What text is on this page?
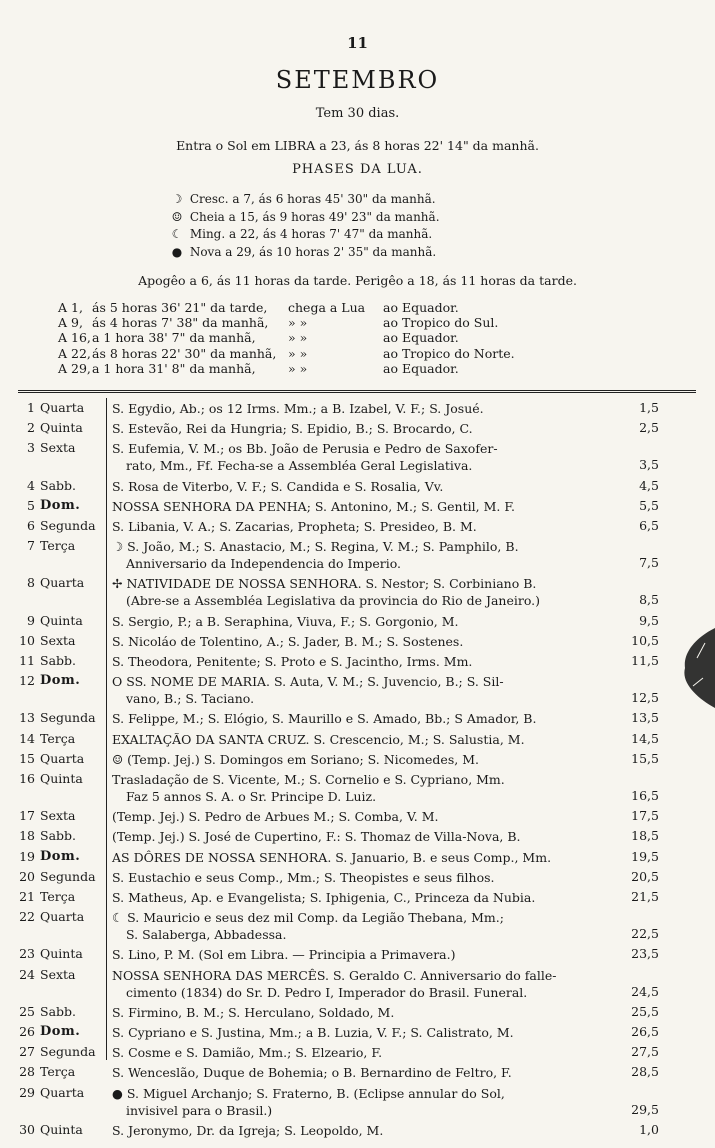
11
SETEMBRO
Tem 30 dias.
Entra o Sol em LIBRA a 23, ás 8 horas 22' 14" da manhã.
PHASES DA LUA.
☽ Cresc. a 7, ás 6 horas 45' 30" da manhã.
☺ Cheia a 15, ás 9 horas 49' 23" da manhã.
☾ Ming. a 22, ás 4 horas 7' 47" da manhã.
● Nova a 29, ás 10 horas 2' 35" da manhã.
Apogêo a 6, ás 11 horas da tarde. Perigêo a 18, ás 11 horas da tarde.
A 1, ás 5 horas 36' 21" da tarde, chega a Lua ao Equador.
A 9, ás 4 horas 7' 38" da manhã, » »	ao Tropico do Sul.
A 16, a 1 hora 38' 7" da manhã,	» »	ao Equador.
A 22, ás 8 horas 22' 30" da manhã, » »	ao Tropico do Norte.
A 29, a 1 hora 31' 8" da manhã,	» »	ao Equador.
1 Quarta	S. Egydio, Ab.; os 12 Irms. Mm.; a B. Izabel, V. F.; S. Josué.	1,5
2 Quinta	S. Estevão, Rei da Hungria; S. Epidio, B.; S. Brocardo, C.	2,5
3 Sexta	S. Eufemia, V. M.; os Bb. João de Perusia e Pedro de Saxofer-
rato, Mm., Ff. Fecha-se a Assembléa Geral Legislativa.	3,5
4 Sabb.	S. Rosa de Viterbo, V. F.; S. Candida e S. Rosalia, Vv.	4,5
5 Dom.	NOSSA SENHORA DA PENHA; S. Antonino, M.; S. Gentil, M. F.	5,5
6 Segunda	S. Libania, V. A.; S. Zacarias, Propheta; S. Presideo, B. M.	6,5
7 Terça	☽ S. João, M.; S. Anastacio, M.; S. Regina, V. M.; S. Pamphilo, B.
Anniversario da Independencia do Imperio.	7,5
8 Quarta	✢ NATIVIDADE DE NOSSA SENHORA. S. Nestor; S. Corbiniano B.
(Abre-se a Assembléa Legislativa da provincia do Rio de Janeiro.)	8,5
9 Quinta	S. Sergio, P.; a B. Seraphina, Viuva, F.; S. Gorgonio, M.	9,5
10 Sexta	S. Nicoláo de Tolentino, A.; S. Jader, B. M.; S. Sostenes.	10,5
11 Sabb.	S. Theodora, Penitente; S. Proto e S. Jacintho, Irms. Mm.	11,5
12 Dom.	O SS. NOME DE MARIA. S. Auta, V. M.; S. Juvencio, B.; S. Sil-
vano, B.; S. Taciano.	12,5
13 Segunda	S. Felippe, M.; S. Elógio, S. Maurillo e S. Amado, Bb.; S Amador, B.	13,5
14 Terça	EXALTAÇÃO DA SANTA CRUZ. S. Crescencio, M.; S. Salustia, M.	14,5
15 Quarta	☺ (Temp. Jej.) S. Domingos em Soriano; S. Nicomedes, M.	15,5
16 Quinta	Trasladação de S. Vicente, M.; S. Cornelio e S. Cypriano, Mm.
Faz 5 annos S. A. o Sr. Principe D. Luiz.	16,5
17 Sexta	(Temp. Jej.) S. Pedro de Arbues M.; S. Comba, V. M.	17,5
18 Sabb.	(Temp. Jej.) S. José de Cupertino, F.: S. Thomaz de Villa-Nova, B.	18,5
19 Dom.	AS DÔRES DE NOSSA SENHORA. S. Januario, B. e seus Comp., Mm.	19,5
20 Segunda	S. Eustachio e seus Comp., Mm.; S. Theopistes e seus filhos.	20,5
21 Terça	S. Matheus, Ap. e Evangelista; S. Iphigenia, C., Princeza da Nubia.	21,5
22 Quarta	☾ S. Mauricio e seus dez mil Comp. da Legião Thebana, Mm.;
S. Salaberga, Abbadessa.	22,5
23 Quinta	S. Lino, P. M. (Sol em Libra. — Principia a Primavera.)	23,5
24 Sexta	NOSSA SENHORA DAS MERCÊS. S. Geraldo C. Anniversario do falle-
cimento (1834) do Sr. D. Pedro I, Imperador do Brasil. Funeral.	24,5
25 Sabb.	S. Firmino, B. M.; S. Herculano, Soldado, M.	25,5
26 Dom.	S. Cypriano e S. Justina, Mm.; a B. Luzia, V. F.; S. Calistrato, M.	26,5
27 Segunda	S. Cosme e S. Damião, Mm.; S. Elzeario, F.	27,5
28 Terça	S. Wenceslão, Duque de Bohemia; o B. Bernardino de Feltro, F.	28,5
29 Quarta	● S. Miguel Archanjo; S. Fraterno, B. (Eclipse annular do Sol,
invisivel para o Brasil.)	29,5
30 Quinta	S. Jeronymo, Dr. da Igreja; S. Leopoldo, M.	1,0
